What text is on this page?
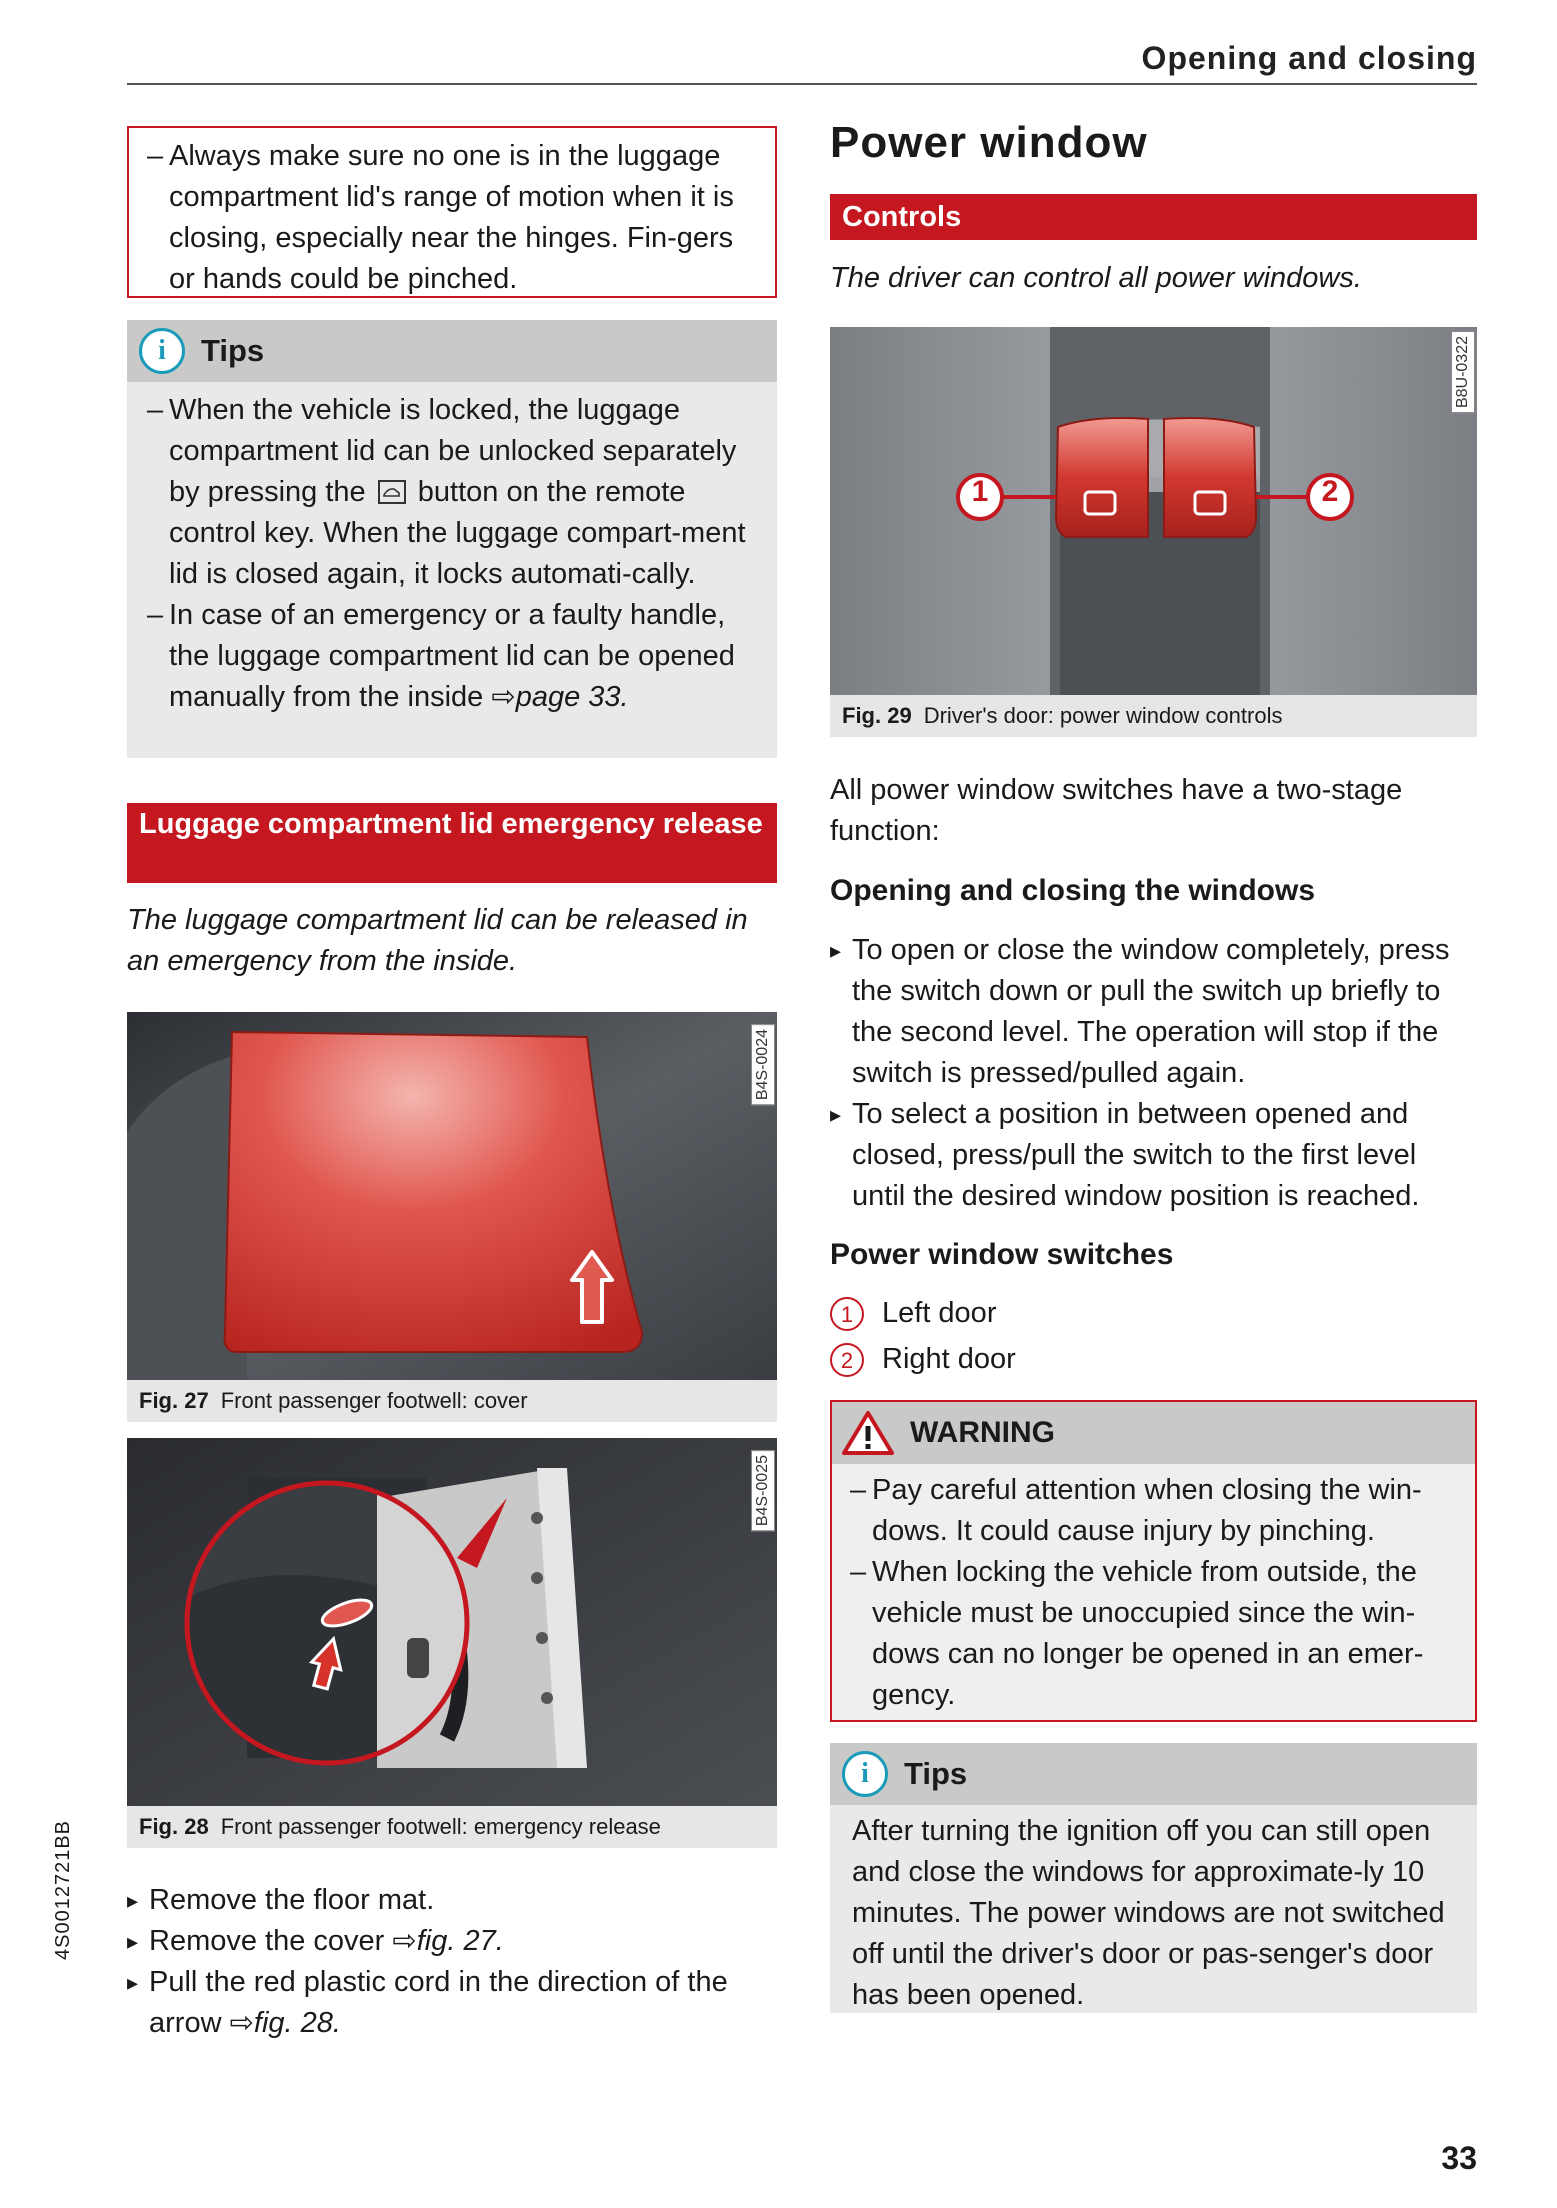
Opening and closing
– Always make sure no one is in the luggage compartment lid's range of motion when it is closing, especially near the hinges. Fin-gers or hands could be pinched.
i	Tips
– When the vehicle is locked, the luggage compartment lid can be unlocked separately by pressing the button on the remote control key. When the luggage compart-ment lid is closed again, it locks automati-cally.
– In case of an emergency or a faulty handle, the luggage compartment lid can be opened manually from the inside ⇨page 33.
Luggage compartment lid emergency release
The luggage compartment lid can be released in an emergency from the inside.
B4S-0024
Fig. 27 Front passenger footwell: cover
B4S-0025
Fig. 28 Front passenger footwell: emergency release
▸ Remove the floor mat.
▸ Remove the cover ⇨fig. 27.
▸ Pull the red plastic cord in the direction of the arrow ⇨fig. 28.
4S0012721BB
Power window
Controls
The driver can control all power windows.
1	2
B8U-0322
Fig. 29 Driver's door: power window controls
All power window switches have a two-stage function:
Opening and closing the windows
▸ To open or close the window completely, press the switch down or pull the switch up briefly to the second level. The operation will stop if the switch is pressed/pulled again.
▸ To select a position in between opened and closed, press/pull the switch to the first level until the desired window position is reached.
Power window switches
1 Left door
2 Right door
WARNING
– Pay careful attention when closing the win-dows. It could cause injury by pinching.
– When locking the vehicle from outside, the vehicle must be unoccupied since the win-dows can no longer be opened in an emer-gency.
i	Tips
After turning the ignition off you can still open and close the windows for approximate-ly 10 minutes. The power windows are not switched off until the driver's door or pas-senger's door has been opened.
33
